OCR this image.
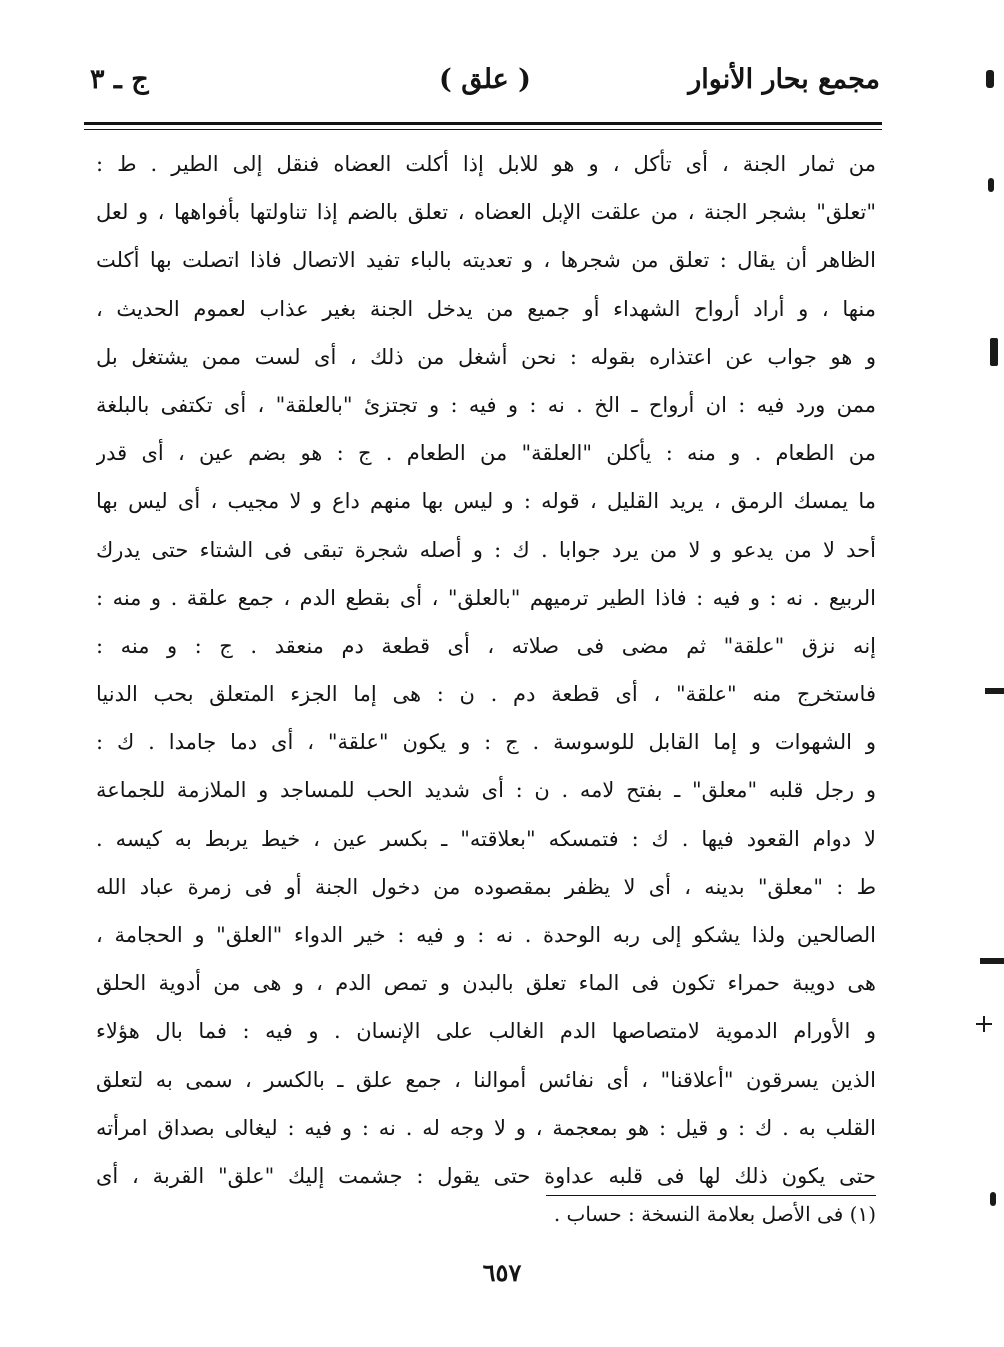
مجمع بحار الأنوار
( علق )
ج ـ ٣
من ثمار الجنة ، أى تأكل ، و هو للابل إذا أكلت العضاه فنقل إلى الطير . ط :
"تعلق" بشجر الجنة ، من علقت الإبل العضاه ، تعلق بالضم إذا تناولتها بأفواهها ، و لعل
الظاهر أن يقال : تعلق من شجرها ، و تعديته بالباء تفيد الاتصال فاذا اتصلت بها أكلت
منها ، و أراد أرواح الشهداء أو جميع من يدخل الجنة بغير عذاب لعموم الحديث ،
و هو جواب عن اعتذاره بقوله : نحن أشغل من ذلك ، أى لست ممن يشتغل بل
ممن ورد فيه : ان أرواح ـ الخ . نه : و فيه : و تجتزئ "بالعلقة" ، أى تكتفى بالبلغة
من الطعام . و منه : يأكلن "العلقة" من الطعام . ج : هو بضم عين ، أى قدر
ما يمسك الرمق ، يريد القليل ، قوله : و ليس بها منهم داع و لا مجيب ، أى ليس بها
أحد لا من يدعو و لا من يرد جوابا . ك : و أصله شجرة تبقى فى الشتاء حتى يدرك
الربيع . نه : و فيه : فاذا الطير ترميهم "بالعلق" ، أى بقطع الدم ، جمع علقة . و منه :
إنه نزق "علقة" ثم مضى فى صلاته ، أى قطعة دم منعقد . ج : و منه :
فاستخرج منه "علقة" ، أى قطعة دم . ن : هى إما الجزء المتعلق بحب الدنيا
و الشهوات و إما القابل للوسوسة . ج : و يكون "علقة" ، أى دما جامدا . ك :
و رجل قلبه "معلق" ـ بفتح لامه . ن : أى شديد الحب للمساجد و الملازمة للجماعة
لا دوام القعود فيها . ك : فتمسكه "بعلاقته" ـ بكسر عين ، خيط يربط به كيسه .
ط : "معلق" بدينه ، أى لا يظفر بمقصوده من دخول الجنة أو فى زمرة عباد الله
الصالحين ولذا يشكو إلى ربه الوحدة . نه : و فيه : خير الدواء "العلق" و الحجامة ،
هى دويبة حمراء تكون فى الماء تعلق بالبدن و تمص الدم ، و هى من أدوية الحلق
و الأورام الدموية لامتصاصها الدم الغالب على الإنسان . و فيه : فما بال هؤلاء
الذين يسرقون "أعلاقنا" ، أى نفائس أموالنا ، جمع علق ـ بالكسر ، سمى به لتعلق
القلب به . ك : و قيل : هو بمعجمة ، و لا وجه له . نه : و فيه : ليغالى بصداق امرأته
حتى يكون ذلك لها فى قلبه عداوة حتى يقول : جشمت إليك "علق" القربة ، أى
(١) فى الأصل بعلامة النسخة : حساب .
٦٥٧
